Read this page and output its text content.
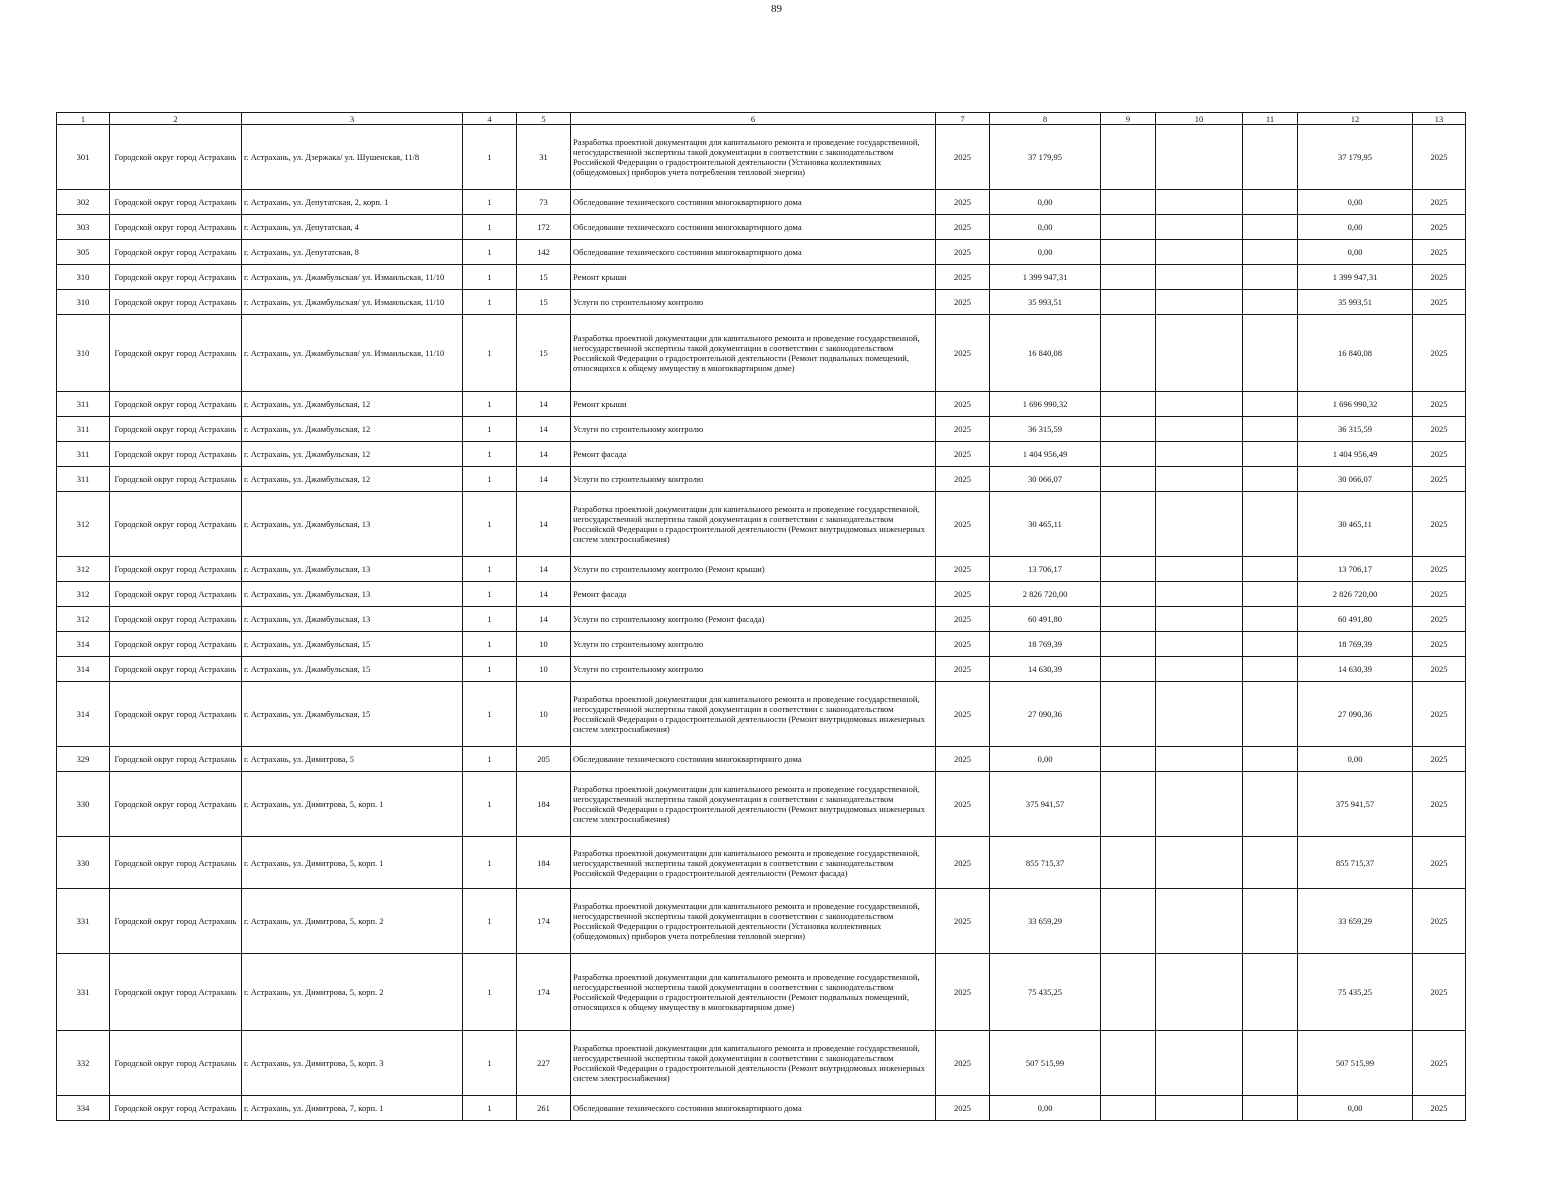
89
1	2	3	4	5	6	7	8	9	10	11	12	13
301	Городской округ город Астрахань	г. Астрахань, ул. Дзержака/ ул. Шушенская, 11/8	1	31	Разработка проектной документации для капитального ремонта и проведение государственной, негосударственной экспертизы такой документации в соответствии с законодательством Российской Федерации о градостроительной деятельности (Установка коллективных (общедомовых) приборов учета потребления тепловой энергии)	2025	37 179,95				37 179,95	2025
302	Городской округ город Астрахань	г. Астрахань, ул. Депутатская, 2, корп. 1	1	73	Обследование технического состояния многоквартирного дома	2025	0,00				0,00	2025
303	Городской округ город Астрахань	г. Астрахань, ул. Депутатская, 4	1	172	Обследование технического состояния многоквартирного дома	2025	0,00				0,00	2025
305	Городской округ город Астрахань	г. Астрахань, ул. Депутатская, 8	1	142	Обследование технического состояния многоквартирного дома	2025	0,00				0,00	2025
310	Городской округ город Астрахань	г. Астрахань, ул. Джамбульская/ ул. Измаильская, 11/10	1	15	Ремонт крыши	2025	1 399 947,31				1 399 947,31	2025
310	Городской округ город Астрахань	г. Астрахань, ул. Джамбульская/ ул. Измаильская, 11/10	1	15	Услуги по строительному контролю	2025	35 993,51				35 993,51	2025
310	Городской округ город Астрахань	г. Астрахань, ул. Джамбульская/ ул. Измаильская, 11/10	1	15	Разработка проектной документации для капитального ремонта и проведение государственной, негосударственной экспертизы такой документации в соответствии с законодательством Российской Федерации о градостроительной деятельности (Ремонт подвальных помещений, относящихся к общему имуществу в многоквартирном доме)	2025	16 840,08				16 840,08	2025
311	Городской округ город Астрахань	г. Астрахань, ул. Джамбульская, 12	1	14	Ремонт крыши	2025	1 696 990,32				1 696 990,32	2025
311	Городской округ город Астрахань	г. Астрахань, ул. Джамбульская, 12	1	14	Услуги по строительному контролю	2025	36 315,59				36 315,59	2025
311	Городской округ город Астрахань	г. Астрахань, ул. Джамбульская, 12	1	14	Ремонт фасада	2025	1 404 956,49				1 404 956,49	2025
311	Городской округ город Астрахань	г. Астрахань, ул. Джамбульская, 12	1	14	Услуги по строительному контролю	2025	30 066,07				30 066,07	2025
312	Городской округ город Астрахань	г. Астрахань, ул. Джамбульская, 13	1	14	Разработка проектной документации для капитального ремонта и проведение государственной, негосударственной экспертизы такой документации в соответствии с законодательством Российской Федерации о градостроительной деятельности (Ремонт внутридомовых инженерных систем электроснабжения)	2025	30 465,11				30 465,11	2025
312	Городской округ город Астрахань	г. Астрахань, ул. Джамбульская, 13	1	14	Услуги по строительному контролю (Ремонт крыши)	2025	13 706,17				13 706,17	2025
312	Городской округ город Астрахань	г. Астрахань, ул. Джамбульская, 13	1	14	Ремонт фасада	2025	2 826 720,00				2 826 720,00	2025
312	Городской округ город Астрахань	г. Астрахань, ул. Джамбульская, 13	1	14	Услуги по строительному контролю (Ремонт фасада)	2025	60 491,80				60 491,80	2025
314	Городской округ город Астрахань	г. Астрахань, ул. Джамбульская, 15	1	10	Услуги по строительному контролю	2025	18 769,39				18 769,39	2025
314	Городской округ город Астрахань	г. Астрахань, ул. Джамбульская, 15	1	10	Услуги по строительному контролю	2025	14 630,39				14 630,39	2025
314	Городской округ город Астрахань	г. Астрахань, ул. Джамбульская, 15	1	10	Разработка проектной документации для капитального ремонта и проведение государственной, негосударственной экспертизы такой документации в соответствии с законодательством Российской Федерации о градостроительной деятельности (Ремонт внутридомовых инженерных систем электроснабжения)	2025	27 090,36				27 090,36	2025
329	Городской округ город Астрахань	г. Астрахань, ул. Димитрова, 5	1	205	Обследование технического состояния многоквартирного дома	2025	0,00				0,00	2025
330	Городской округ город Астрахань	г. Астрахань, ул. Димитрова, 5, корп. 1	1	184	Разработка проектной документации для капитального ремонта и проведение государственной, негосударственной экспертизы такой документации в соответствии с законодательством Российской Федерации о градостроительной деятельности (Ремонт внутридомовых инженерных систем электроснабжения)	2025	375 941,57				375 941,57	2025
330	Городской округ город Астрахань	г. Астрахань, ул. Димитрова, 5, корп. 1	1	184	Разработка проектной документации для капитального ремонта и проведение государственной, негосударственной экспертизы такой документации в соответствии с законодательством Российской Федерации о градостроительной деятельности (Ремонт фасада)	2025	855 715,37				855 715,37	2025
331	Городской округ город Астрахань	г. Астрахань, ул. Димитрова, 5, корп. 2	1	174	Разработка проектной документации для капитального ремонта и проведение государственной, негосударственной экспертизы такой документации в соответствии с законодательством Российской Федерации о градостроительной деятельности (Установка коллективных (общедомовых) приборов учета потребления тепловой энергии)	2025	33 659,29				33 659,29	2025
331	Городской округ город Астрахань	г. Астрахань, ул. Димитрова, 5, корп. 2	1	174	Разработка проектной документации для капитального ремонта и проведение государственной, негосударственной экспертизы такой документации в соответствии с законодательством Российской Федерации о градостроительной деятельности (Ремонт подвальных помещений, относящихся к общему имуществу в многоквартирном доме)	2025	75 435,25				75 435,25	2025
332	Городской округ город Астрахань	г. Астрахань, ул. Димитрова, 5, корп. 3	1	227	Разработка проектной документации для капитального ремонта и проведение государственной, негосударственной экспертизы такой документации в соответствии с законодательством Российской Федерации о градостроительной деятельности (Ремонт внутридомовых инженерных систем электроснабжения)	2025	507 515,99				507 515,99	2025
334	Городской округ город Астрахань	г. Астрахань, ул. Димитрова, 7, корп. 1	1	261	Обследование технического состояния многоквартирного дома	2025	0,00				0,00	2025
